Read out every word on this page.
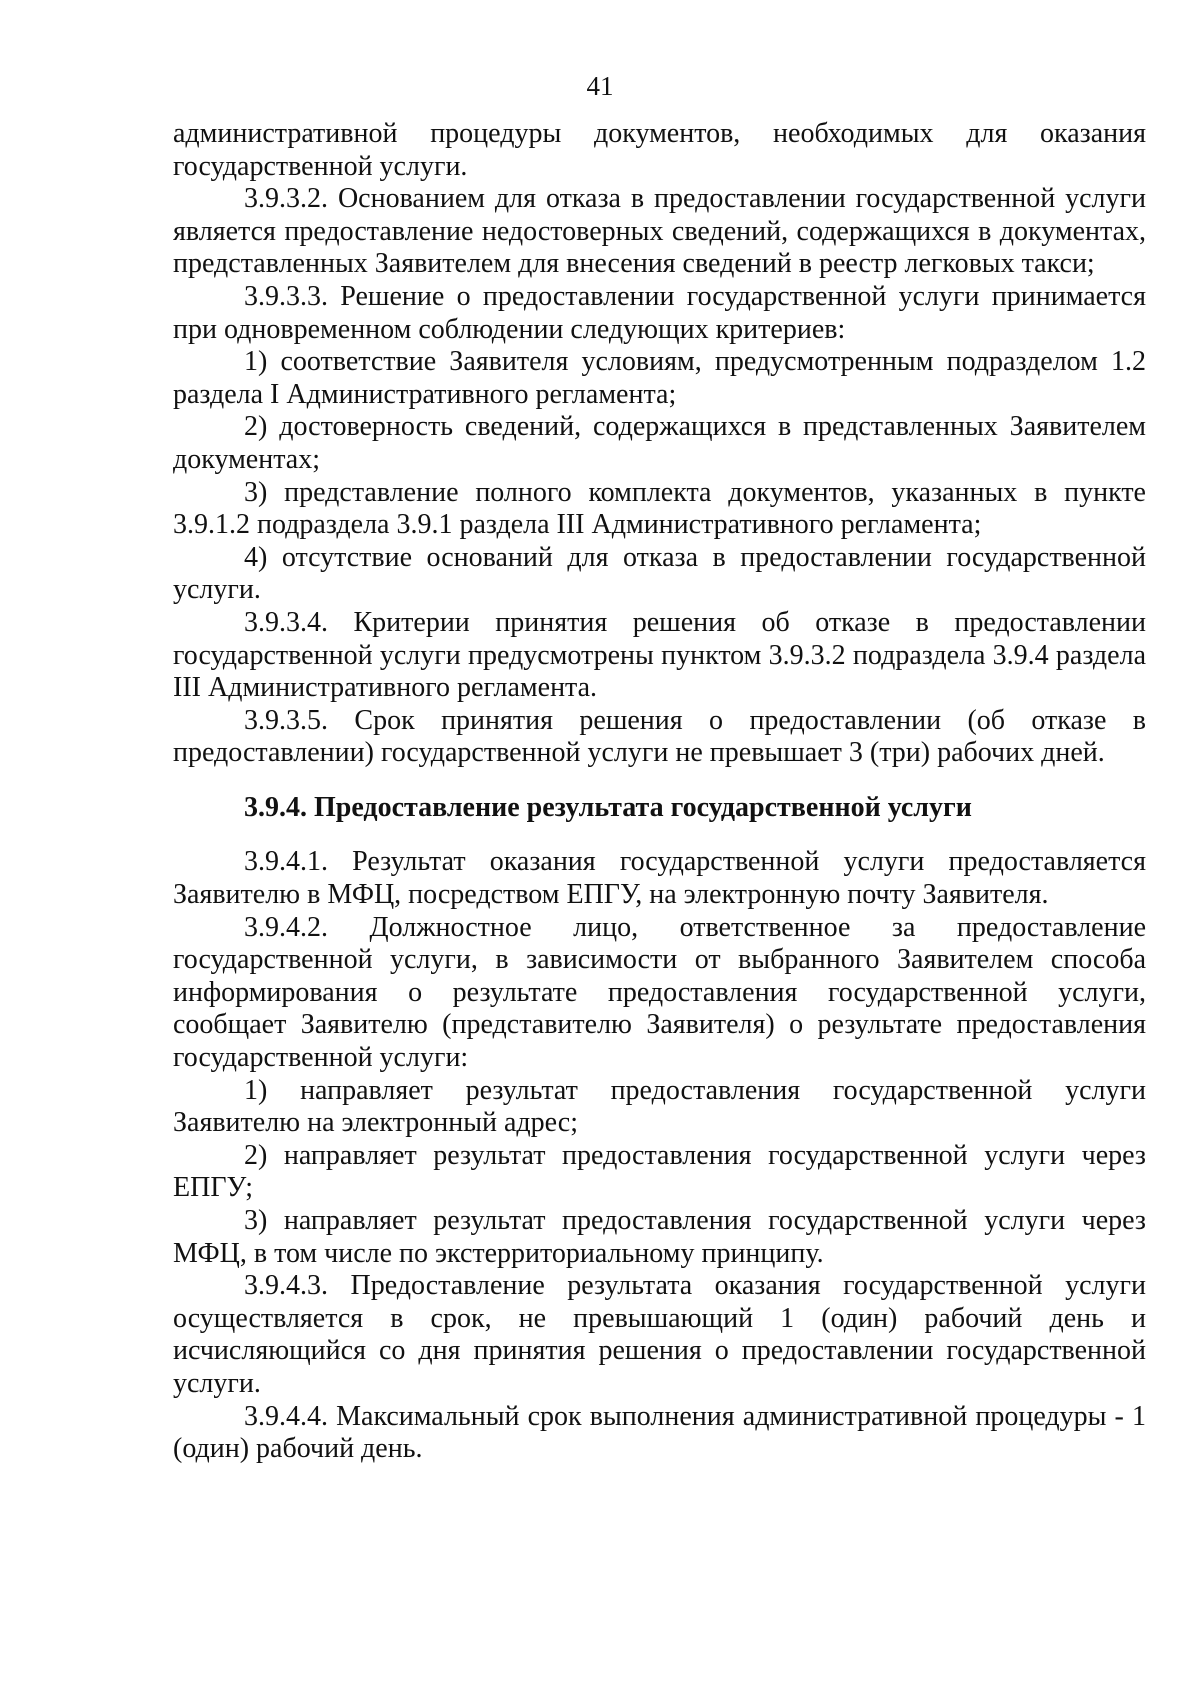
41

административной процедуры документов, необходимых для оказания государственной услуги.

3.9.3.2. Основанием для отказа в предоставлении государственной услуги является предоставление недостоверных сведений, содержащихся в документах, представленных Заявителем для внесения сведений в реестр легковых такси;

3.9.3.3. Решение о предоставлении государственной услуги принимается при одновременном соблюдении следующих критериев:

1) соответствие Заявителя условиям, предусмотренным подразделом 1.2 раздела I Административного регламента;

2) достоверность сведений, содержащихся в представленных Заявителем документах;

3) представление полного комплекта документов, указанных в пункте 3.9.1.2 подраздела 3.9.1 раздела III Административного регламента;

4) отсутствие оснований для отказа в предоставлении государственной услуги.

3.9.3.4. Критерии принятия решения об отказе в предоставлении государственной услуги предусмотрены пунктом 3.9.3.2 подраздела 3.9.4 раздела III Административного регламента.

3.9.3.5. Срок принятия решения о предоставлении (об отказе в предоставлении) государственной услуги не превышает 3 (три) рабочих дней.

3.9.4. Предоставление результата государственной услуги

3.9.4.1. Результат оказания государственной услуги предоставляется Заявителю в МФЦ, посредством ЕПГУ, на электронную почту Заявителя.

3.9.4.2. Должностное лицо, ответственное за предоставление государственной услуги, в зависимости от выбранного Заявителем способа информирования о результате предоставления государственной услуги, сообщает Заявителю (представителю Заявителя) о результате предоставления государственной услуги:

1) направляет результат предоставления государственной услуги Заявителю на электронный адрес;

2) направляет результат предоставления государственной услуги через ЕПГУ;

3) направляет результат предоставления государственной услуги через МФЦ, в том числе по экстерриториальному принципу.

3.9.4.3. Предоставление результата оказания государственной услуги осуществляется в срок, не превышающий 1 (один) рабочий день и исчисляющийся со дня принятия решения о предоставлении государственной услуги.

3.9.4.4. Максимальный срок выполнения административной процедуры - 1 (один) рабочий день.
